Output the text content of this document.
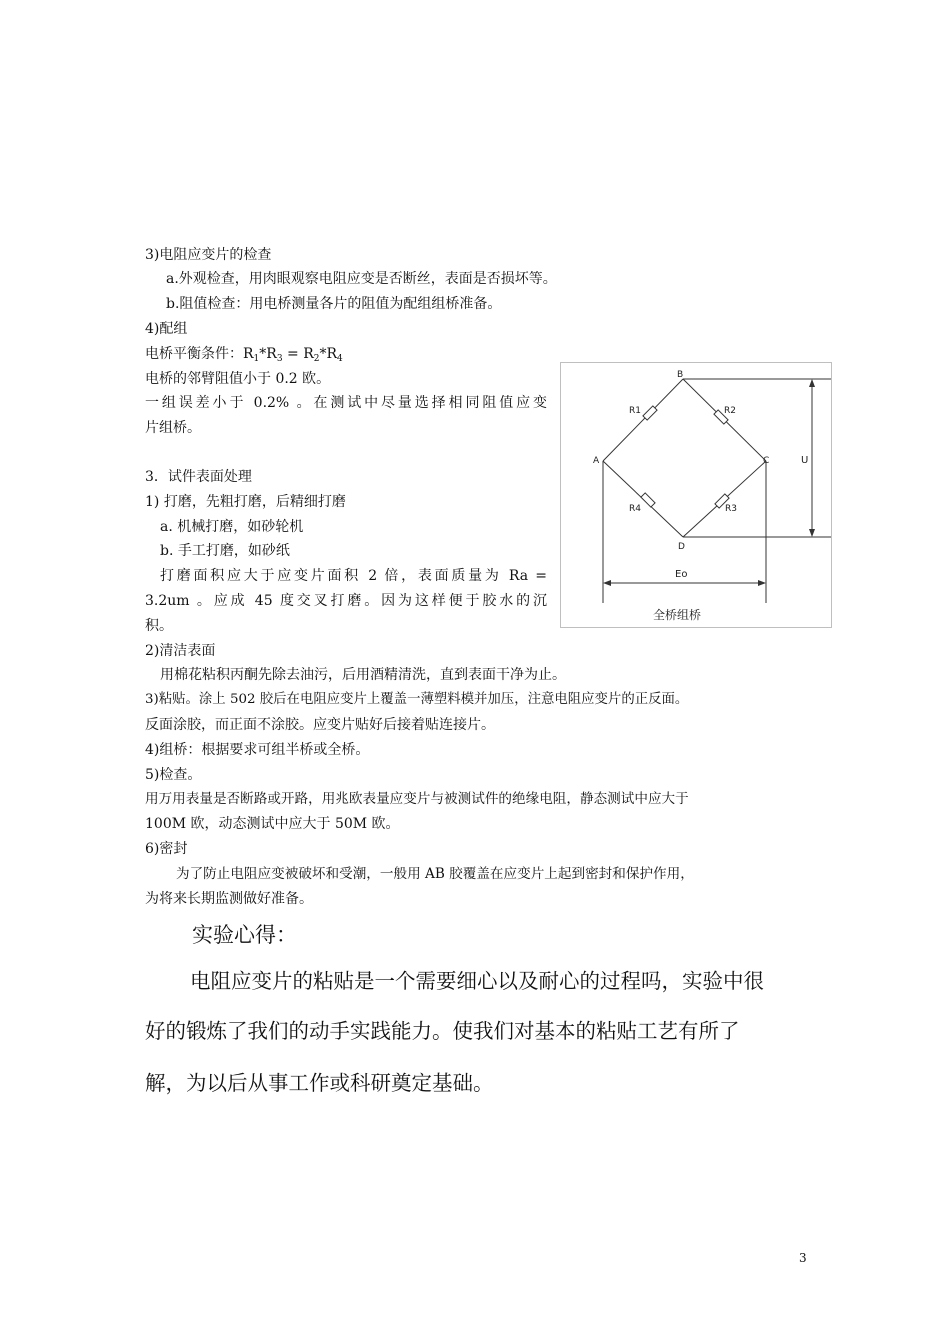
3)电阻应变片的检查
a.外观检查，用肉眼观察电阻应变是否断丝，表面是否损坏等。
b.阻值检查：用电桥测量各片的阻值为配组组桥准备。
4)配组
电桥平衡条件：$R_1*R_3 = R_2*R_4$
电桥的邻臂阻值小于 0.2 欧。
一组误差小于 0.2% 。在测试中尽量选择相同阻值应变
片组桥。
3．试件表面处理
1) 打磨，先粗打磨，后精细打磨
a. 机械打磨，如砂轮机
b. 手工打磨，如砂纸
打磨面积应大于应变片面积 2 倍，表面质量为 Ra =
3.2um 。应成 45 度交叉打磨。因为这样便于胶水的沉
积。
2)清洁表面
用棉花粘积丙酮先除去油污，后用酒精清洗，直到表面干净为止。
3)粘贴。涂上 502 胶后在电阻应变片上覆盖一薄塑料模并加压，注意电阻应变片的正反面。
反面涂胶，而正面不涂胶。应变片贴好后接着贴连接片。
4)组桥：根据要求可组半桥或全桥。
5)检查。
用万用表量是否断路或开路，用兆欧表量应变片与被测试件的绝缘电阻，静态测试中应大于
100M 欧，动态测试中应大于 50M 欧。
6)密封
为了防止电阻应变被破坏和受潮，一般用 AB 胶覆盖在应变片上起到密封和保护作用，
为将来长期监测做好准备。
实验心得：
电阻应变片的粘贴是一个需要细心以及耐心的过程吗，实验中很
好的锻炼了我们的动手实践能力。使我们对基本的粘贴工艺有所了
解，为以后从事工作或科研奠定基础。
A
B
C
D
R1	R2
R3
R4
U
Eo
全桥组桥
3
